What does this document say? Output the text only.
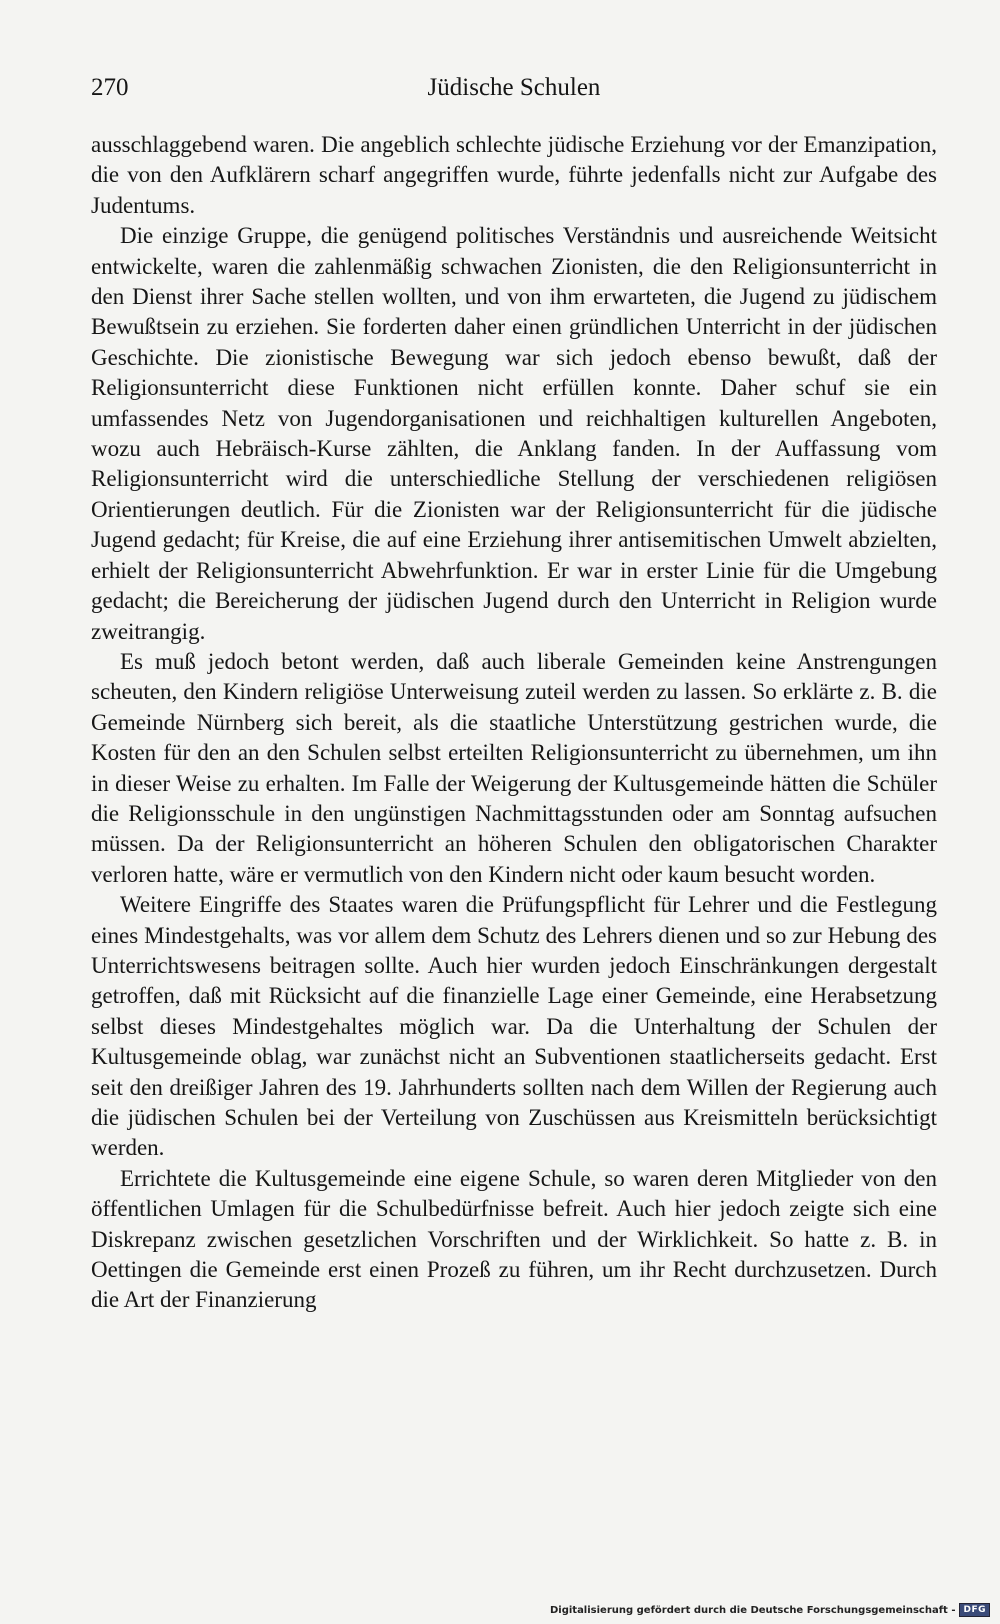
270	Jüdische Schulen

ausschlaggebend waren. Die angeblich schlechte jüdische Erziehung vor der Emanzipation, die von den Aufklärern scharf angegriffen wurde, führte jedenfalls nicht zur Aufgabe des Judentums.

Die einzige Gruppe, die genügend politisches Verständnis und ausreichende Weitsicht entwickelte, waren die zahlenmäßig schwachen Zionisten, die den Religionsunterricht in den Dienst ihrer Sache stellen wollten, und von ihm erwarteten, die Jugend zu jüdischem Bewußtsein zu erziehen. Sie forderten daher einen gründlichen Unterricht in der jüdischen Geschichte. Die zionistische Bewegung war sich jedoch ebenso bewußt, daß der Religionsunterricht diese Funktionen nicht erfüllen konnte. Daher schuf sie ein umfassendes Netz von Jugendorganisationen und reichhaltigen kulturellen Angeboten, wozu auch Hebräisch-Kurse zählten, die Anklang fanden. In der Auffassung vom Religionsunterricht wird die unterschiedliche Stellung der verschiedenen religiösen Orientierungen deutlich. Für die Zionisten war der Religionsunterricht für die jüdische Jugend gedacht; für Kreise, die auf eine Erziehung ihrer antisemitischen Umwelt abzielten, erhielt der Religionsunterricht Abwehrfunktion. Er war in erster Linie für die Umgebung gedacht; die Bereicherung der jüdischen Jugend durch den Unterricht in Religion wurde zweitrangig.

Es muß jedoch betont werden, daß auch liberale Gemeinden keine Anstrengungen scheuten, den Kindern religiöse Unterweisung zuteil werden zu lassen. So erklärte z. B. die Gemeinde Nürnberg sich bereit, als die staatliche Unterstützung gestrichen wurde, die Kosten für den an den Schulen selbst erteilten Religionsunterricht zu übernehmen, um ihn in dieser Weise zu erhalten. Im Falle der Weigerung der Kultusgemeinde hätten die Schüler die Religionsschule in den ungünstigen Nachmittagsstunden oder am Sonntag aufsuchen müssen. Da der Religionsunterricht an höheren Schulen den obligatorischen Charakter verloren hatte, wäre er vermutlich von den Kindern nicht oder kaum besucht worden.

Weitere Eingriffe des Staates waren die Prüfungspflicht für Lehrer und die Festlegung eines Mindestgehalts, was vor allem dem Schutz des Lehrers dienen und so zur Hebung des Unterrichtswesens beitragen sollte. Auch hier wurden jedoch Einschränkungen dergestalt getroffen, daß mit Rücksicht auf die finanzielle Lage einer Gemeinde, eine Herabsetzung selbst dieses Mindestgehaltes möglich war. Da die Unterhaltung der Schulen der Kultusgemeinde oblag, war zunächst nicht an Subventionen staatlicherseits gedacht. Erst seit den dreißiger Jahren des 19. Jahrhunderts sollten nach dem Willen der Regierung auch die jüdischen Schulen bei der Verteilung von Zuschüssen aus Kreismitteln berücksichtigt werden.

Errichtete die Kultusgemeinde eine eigene Schule, so waren deren Mitglieder von den öffentlichen Umlagen für die Schulbedürfnisse befreit. Auch hier jedoch zeigte sich eine Diskrepanz zwischen gesetzlichen Vorschriften und der Wirklichkeit. So hatte z. B. in Oettingen die Gemeinde erst einen Prozeß zu führen, um ihr Recht durchzusetzen. Durch die Art der Finanzierung

Digitalisierung gefördert durch die Deutsche Forschungsgemeinschaft - DFG
